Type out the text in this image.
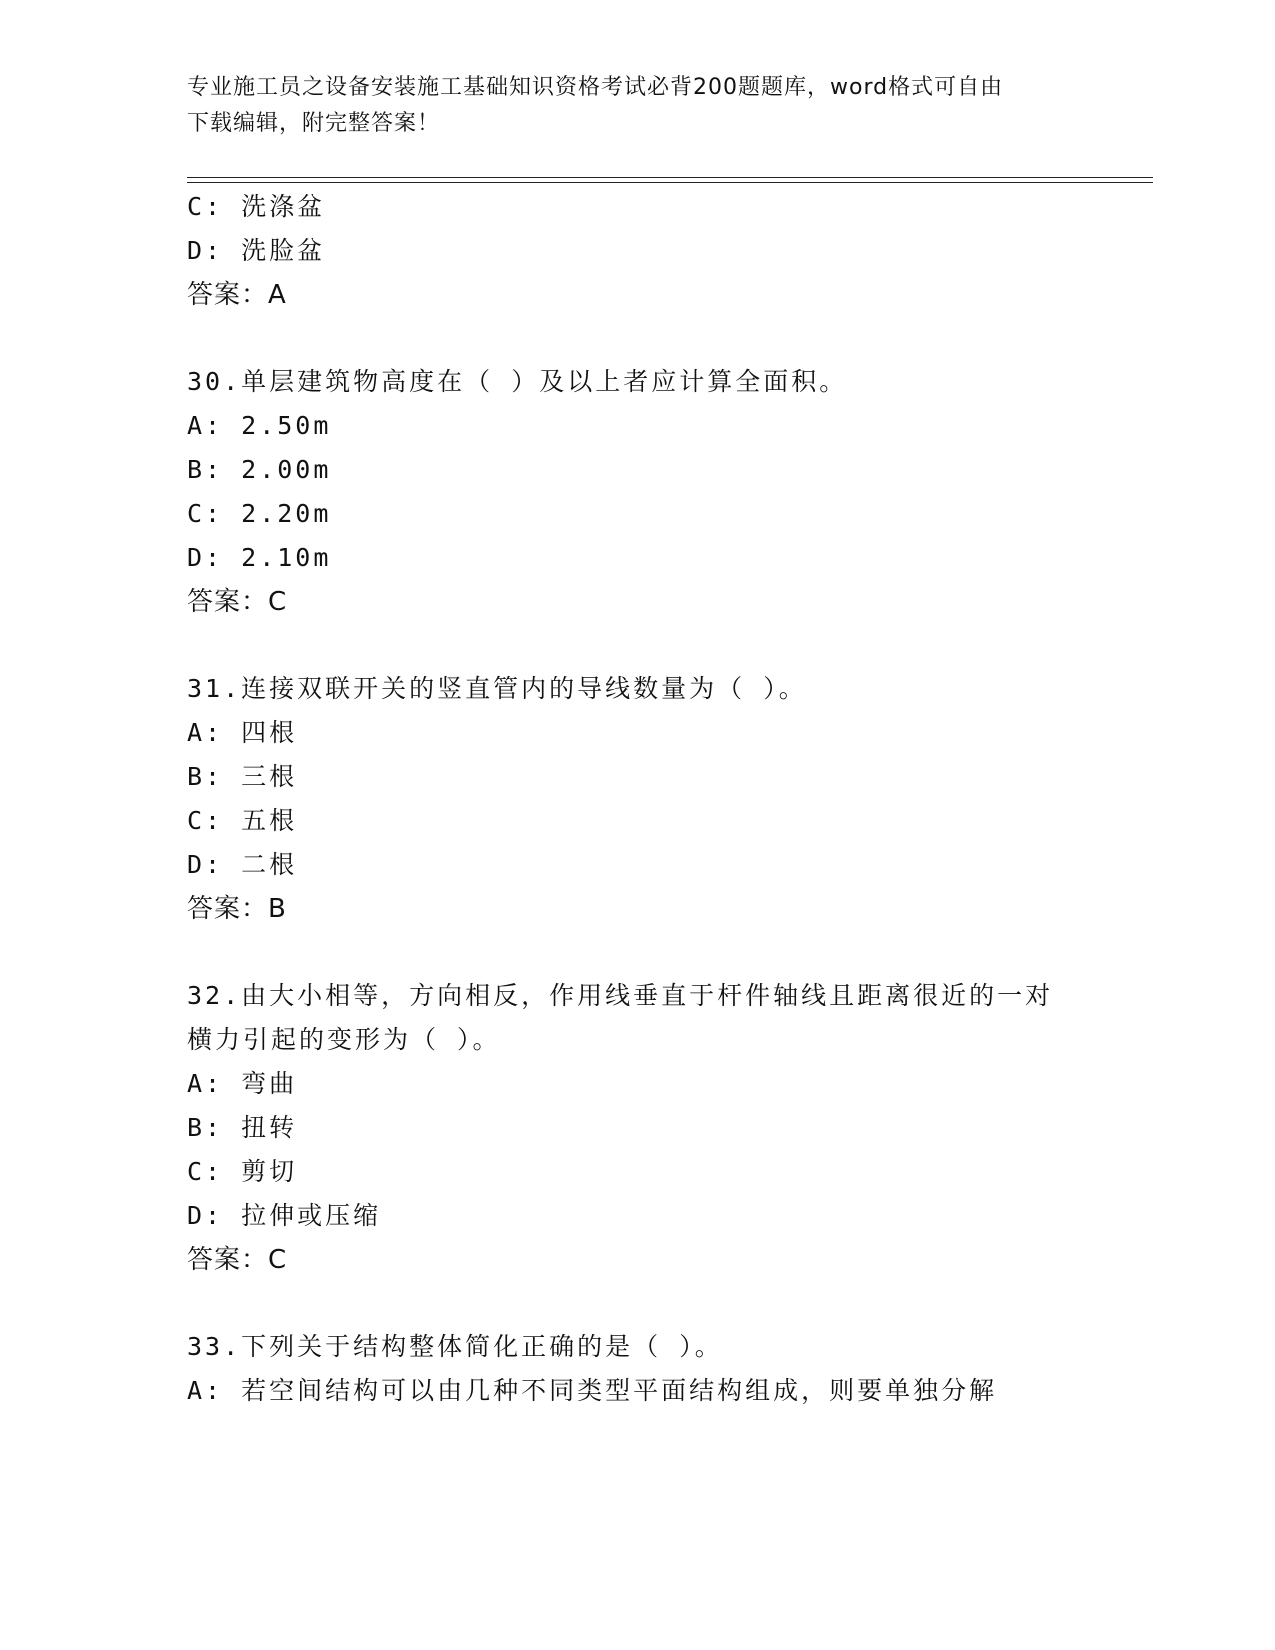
专业施工员之设备安装施工基础知识资格考试必背200题题库，word格式可自由
下载编辑，附完整答案！
C: 洗涤盆
D: 洗脸盆
答案：A
30.单层建筑物高度在（ ）及以上者应计算全面积。
A: 2.50m
B: 2.00m
C: 2.20m
D: 2.10m
答案：C
31.连接双联开关的竖直管内的导线数量为（ ）。
A: 四根
B: 三根
C: 五根
D: 二根
答案：B
32.由大小相等，方向相反，作用线垂直于杆件轴线且距离很近的一对
横力引起的变形为（ ）。
A: 弯曲
B: 扭转
C: 剪切
D: 拉伸或压缩
答案：C
33.下列关于结构整体简化正确的是（ ）。
A: 若空间结构可以由几种不同类型平面结构组成，则要单独分解
